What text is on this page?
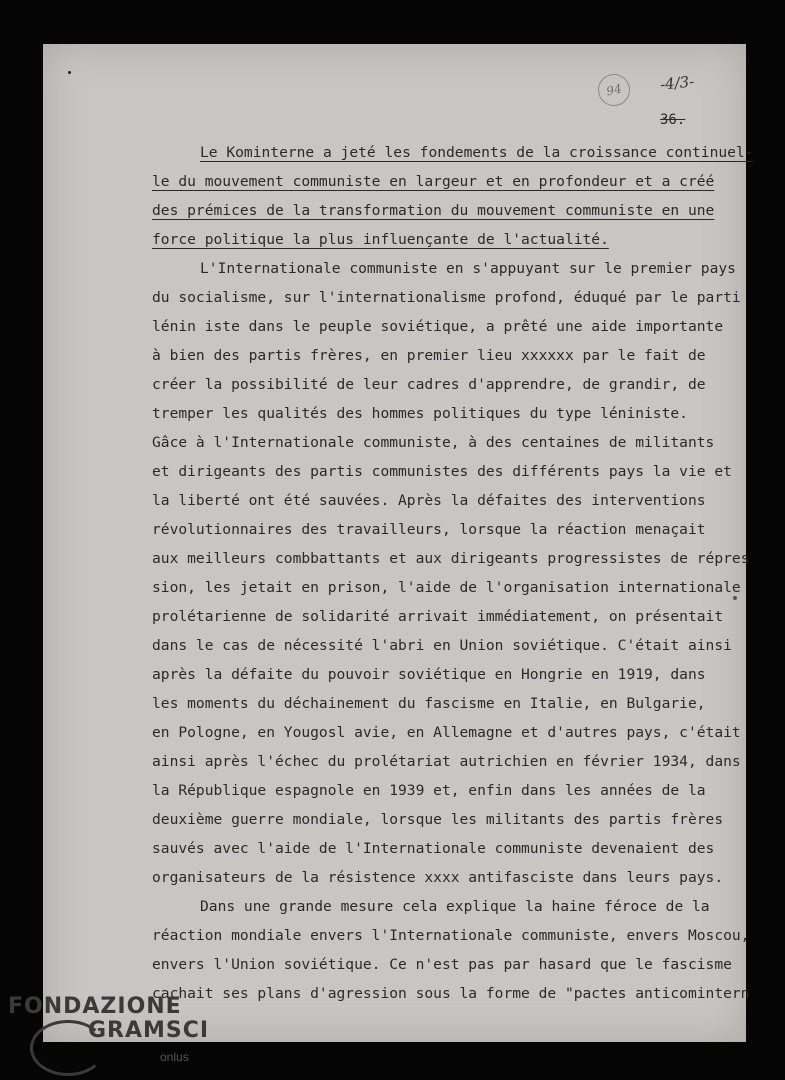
94	-4/3-
36.
Le Kominterne a jeté les fondements de la croissance continuel-
le du mouvement communiste en largeur et en profondeur et a créé
des prémices de la transformation du mouvement communiste en une
force politique la plus influençante de l'actualité.
L'Internationale communiste en s'appuyant sur le premier pays
du socialisme, sur l'internationalisme profond, éduqué par le parti
lénin iste dans le peuple soviétique, a prêté une aide importante
à bien des partis frères, en premier lieu xxxxxx par le fait de
créer la possibilité de leur cadres d'apprendre, de grandir, de
tremper les qualités des hommes politiques du type léniniste.
Gâce à l'Internationale communiste, à des centaines de militants
et dirigeants des partis communistes des différents pays la vie et
la liberté ont été sauvées. Après la défaites des interventions
révolutionnaires des travailleurs, lorsque la réaction menaçait
aux meilleurs combbattants et aux dirigeants progressistes de répres
sion, les jetait en prison, l'aide de l'organisation internationale
prolétarienne de solidarité arrivait immédiatement, on présentait
dans le cas de nécessité l'abri en Union soviétique. C'était ainsi
après la défaite du pouvoir soviétique en Hongrie en 1919, dans
les moments du déchainement du fascisme en Italie, en Bulgarie,
en Pologne, en Yougosl avie, en Allemagne et d'autres pays, c'était
ainsi après l'échec du prolétariat autrichien en février 1934, dans
la République espagnole en 1939 et, enfin dans les années de la
deuxième guerre mondiale, lorsque les militants des partis frères
sauvés avec l'aide de l'Internationale communiste devenaient des
organisateurs de la résistence xxxx antifasciste dans leurs pays.
Dans une grande mesure cela explique la haine féroce de la
réaction mondiale envers l'Internationale communiste, envers Moscou,
envers l'Union soviétique. Ce n'est pas par hasard que le fascisme
cachait ses plans d'agression sous la forme de "pactes anticomintern
FONDAZIONE
GRAMSCI
onlus
